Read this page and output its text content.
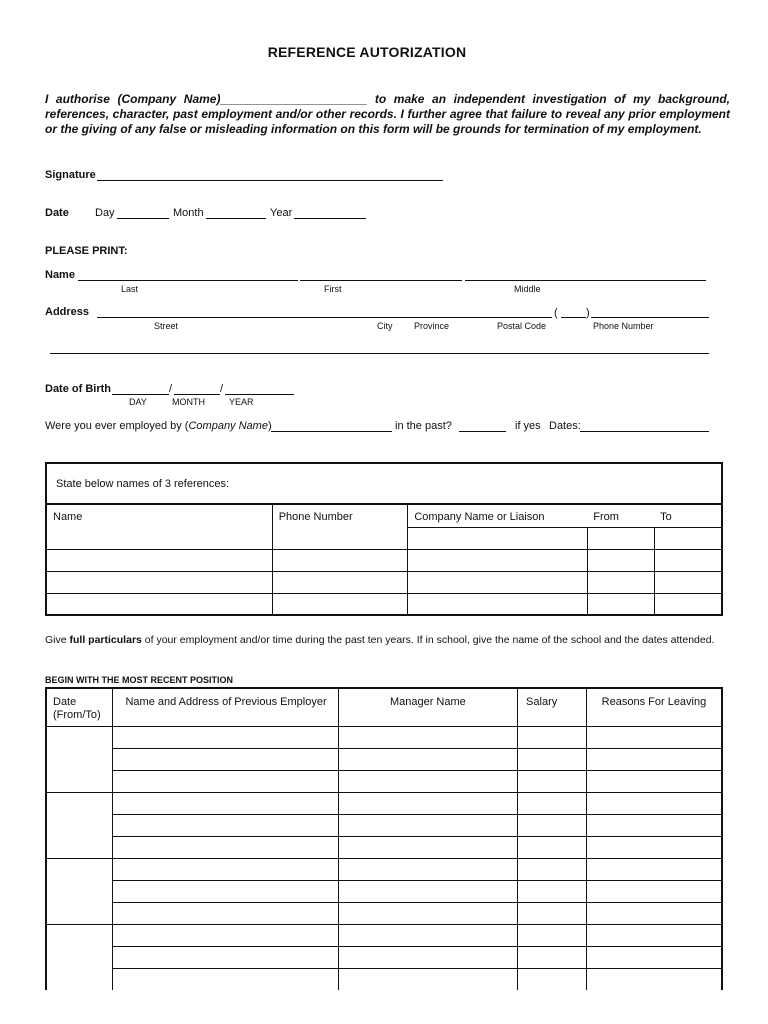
REFERENCE AUTORIZATION
I authorise (Company Name)______________________ to make an independent investigation of my background, references, character, past employment and/or other records. I further agree that failure to reveal any prior employment or the giving of any false or misleading information on this form will be grounds for termination of my employment.
Signature
Date Day	Month	Year
PLEASE PRINT:
Name
Last	First	Middle
Address	(	)
Street	City Province	Postal Code	Phone Number
Date of Birth	/	/
DAY	MONTH	YEAR
Were you ever employed by (Company Name)	in the past?	if yes Dates:
State below names of 3 references:				
Name	Phone Number	Company Name or Liaison	From	To

Give full particulars of your employment and/or time during the past ten years. If in school, give the name of the school and the dates attended.
BEGIN WITH THE MOST RECENT POSITION
Date (From/To)	Name and Address of Previous Employer	Manager Name	Salary	Reasons For Leaving
